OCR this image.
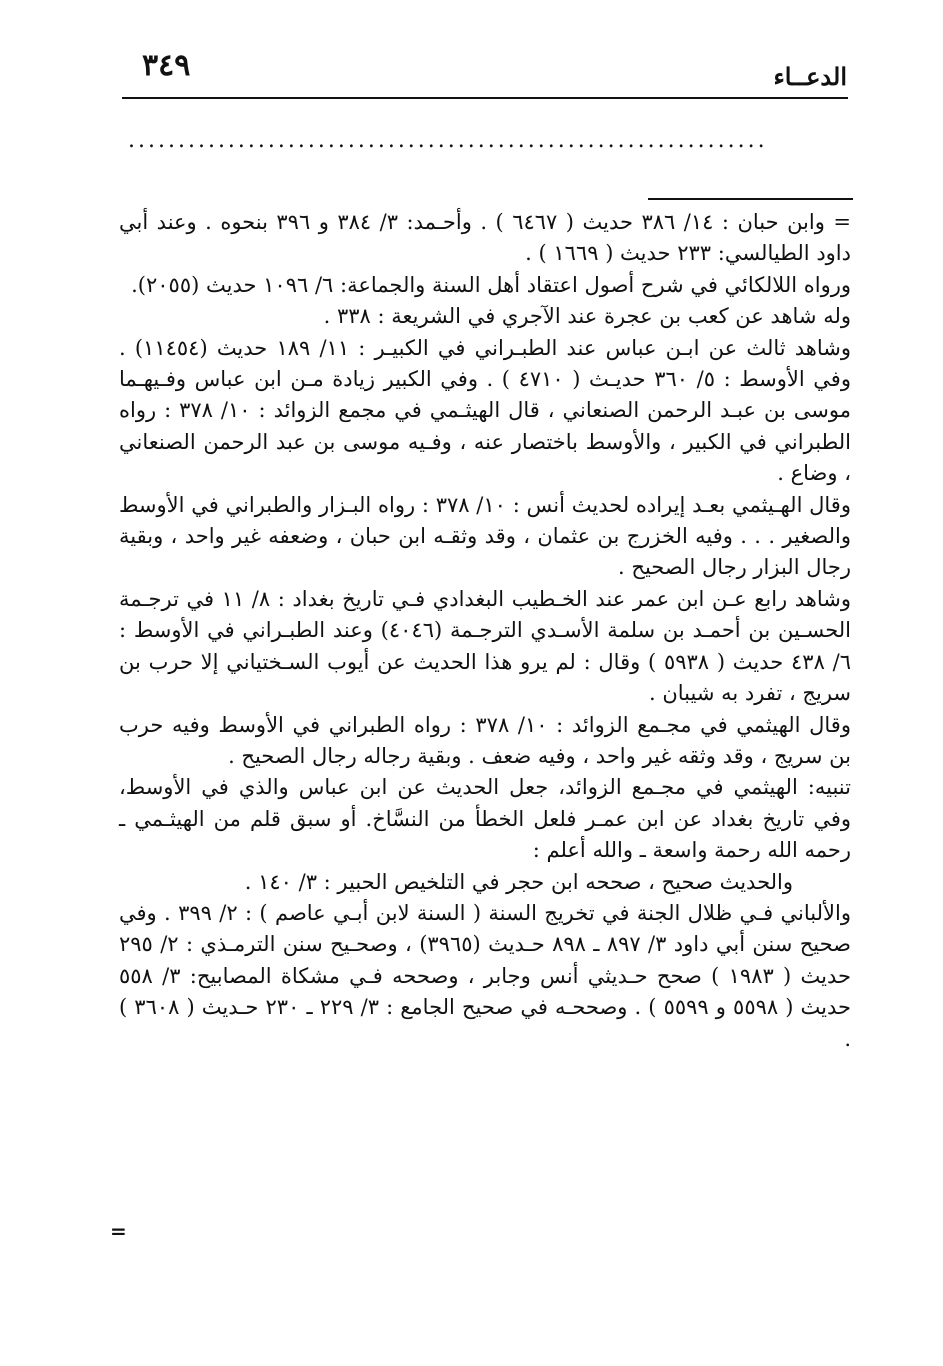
٣٤٩	الدعــاء
................................................................

= وابن حبان : ١٤/ ٣٨٦ حديث ( ٦٤٦٧ ) . وأحـمد: ٣/ ٣٨٤ و ٣٩٦ بنحوه . وعند أبي داود الطيالسي: ٢٣٣ حديث ( ١٦٦٩ ) .

ورواه اللالكائي في شرح أصول اعتقاد أهل السنة والجماعة: ٦/ ١٠٩٦ حديث (٢٠٥٥).

وله شاهد عن كعب بن عجرة عند الآجري في الشريعة : ٣٣٨ .

وشاهد ثالث عن ابـن عباس عند الطبـراني في الكبيـر : ١١/ ١٨٩ حديث (١١٤٥٤) . وفي الأوسط : ٥/ ٣٦٠ حديـث ( ٤٧١٠ ) . وفي الكبير زيادة مـن ابن عباس وفـيهـما موسى بن عبـد الرحمن الصنعاني ، قال الهيثـمي في مجمع الزوائد : ١٠/ ٣٧٨ : رواه الطبراني في الكبير ، والأوسط باختصار عنه ، وفـيه موسى بن عبد الرحمن الصنعاني ، وضاع .

وقال الهـيثمي بعـد إيراده لحديث أنس : ١٠/ ٣٧٨ : رواه البـزار والطبراني في الأوسط والصغير . . . وفيه الخزرج بن عثمان ، وقد وثقـه ابن حبان ، وضعفه غير واحد ، وبقية رجال البزار رجال الصحيح .

وشاهد رابع عـن ابن عمر عند الخـطيب البغدادي فـي تاريخ بغداد : ٨/ ١١ في ترجـمة الحسـين بن أحمـد بن سلمة الأسـدي الترجـمة (٤٠٤٦) وعند الطبـراني في الأوسط : ٦/ ٤٣٨ حديث ( ٥٩٣٨ ) وقال : لم يرو هذا الحديث عن أيوب السـختياني إلا حرب بن سريج ، تفرد به شيبان .

وقال الهيثمي في مجـمع الزوائد : ١٠/ ٣٧٨ : رواه الطبراني في الأوسط وفيه حرب بن سريج ، وقد وثقه غير واحد ، وفيه ضعف . وبقية رجاله رجال الصحيح .

تنبيه: الهيثمي في مجـمع الزوائد، جعل الحديث عن ابن عباس والذي في الأوسط، وفي تاريخ بغداد عن ابن عمـر فلعل الخطأ من النسَّاخ. أو سبق قلم من الهيثـمي ـ رحمه الله رحمة واسعة ـ والله أعلم :

والحديث صحيح ، صححه ابن حجر في التلخيص الحبير : ٣/ ١٤٠ .

والألباني فـي ظلال الجنة في تخريج السنة ( السنة لابن أبـي عاصم ) : ٢/ ٣٩٩ . وفي صحيح سنن أبي داود ٣/ ٨٩٧ ـ ٨٩٨ حـديث (٣٩٦٥) ، وصحـيح سنن الترمـذي : ٢/ ٢٩٥ حديث ( ١٩٨٣ ) صحح حـديثي أنس وجابر ، وصححه فـي مشكاة المصابيح: ٣/ ٥٥٨ حديث ( ٥٥٩٨ و ٥٥٩٩ ) . وصححـه في صحيح الجامع : ٣/ ٢٢٩ ـ ٢٣٠ حـديث ( ٣٦٠٨ ) .

=
